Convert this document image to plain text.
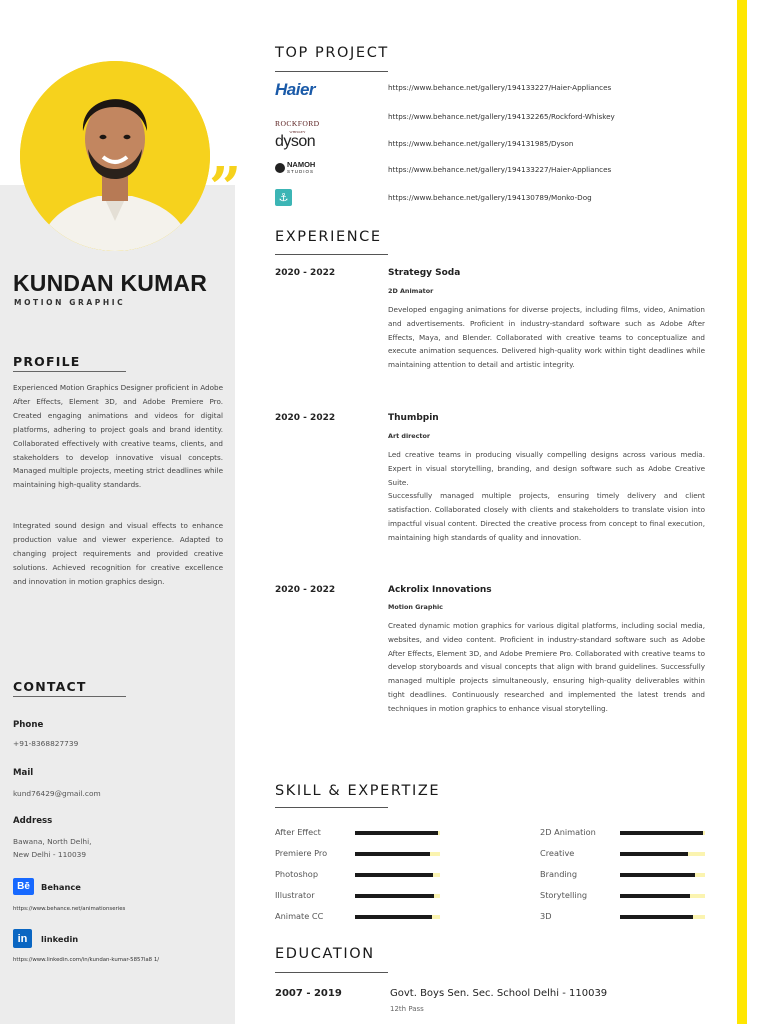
”
KUNDAN KUMAR
MOTION GRAPHIC
PROFILE
Experienced Motion Graphics Designer proficient in Adobe After Effects, Element 3D, and Adobe Premiere Pro. Created engaging animations and videos for digital platforms, adhering to project goals and brand identity. Collaborated effectively with creative teams, clients, and stakeholders to develop innovative visual concepts. Managed multiple projects, meeting strict deadlines while maintaining high-quality standards.
Integrated sound design and visual effects to enhance production value and viewer experience. Adapted to changing project requirements and provided creative solutions. Achieved recognition for creative excellence and innovation in motion graphics design.
CONTACT
Phone
+91-8368827739
Mail
kund76429@gmail.com
Address
Bawana, North Delhi,
New Delhi - 110039
Bē	Behance
https://www.behance.net/animationseries
in	linkedin
https://www.linkedin.com/in/kundan-kumar-5857la8 1/
TOP PROJECT
Haier	https://www.behance.net/gallery/194133227/Haier-Appliances
ROCKFORD
WHISKEY
https://www.behance.net/gallery/194132265/Rockford-Whiskey
dyson	https://www.behance.net/gallery/194131985/Dyson
NAMOH
STUDIOS	https://www.behance.net/gallery/194133227/Haier-Appliances
⚓	https://www.behance.net/gallery/194130789/Monko-Dog
EXPERIENCE
2020 - 2022	Strategy Soda
2D Animator
Developed engaging animations for diverse projects, including films, video, Animation and advertisements. Proficient in industry-standard software such as Adobe After Effects, Maya, and Blender. Collaborated with creative teams to conceptualize and execute animation sequences. Delivered high-quality work within tight deadlines while maintaining attention to detail and artistic integrity.
2020 - 2022	Thumbpin
Art director
Led creative teams in producing visually compelling designs across various media. Expert in visual storytelling, branding, and design software such as Adobe Creative Suite.
Successfully managed multiple projects, ensuring timely delivery and client satisfaction. Collaborated closely with clients and stakeholders to translate vision into impactful visual content. Directed the creative process from concept to final execution, maintaining high standards of quality and innovation.
2020 - 2022	Ackrolix Innovations
Motion Graphic
Created dynamic motion graphics for various digital platforms, including social media, websites, and video content. Proficient in industry-standard software such as Adobe After Effects, Element 3D, and Adobe Premiere Pro. Collaborated with creative teams to develop storyboards and visual concepts that align with brand guidelines. Successfully managed multiple projects simultaneously, ensuring high-quality deliverables within tight deadlines. Continuously researched and implemented the latest trends and techniques in motion graphics to enhance visual storytelling.
SKILL & EXPERTIZE
After Effect
Premiere Pro
Photoshop
Illustrator
Animate CC
2D Animation
Creative
Branding
Storytelling
3D
EDUCATION
2007 - 2019	Govt. Boys Sen. Sec. School Delhi - 110039
12th Pass
